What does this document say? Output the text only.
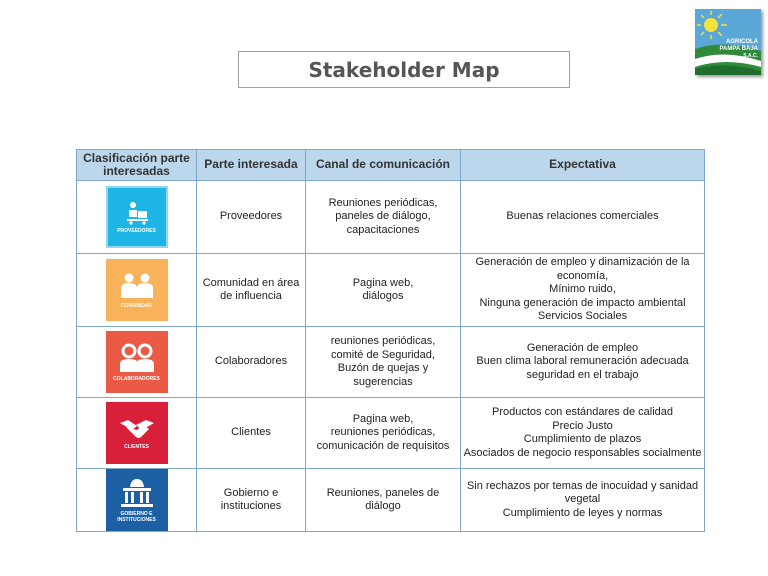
Stakeholder Map
AGRICOLA
PAMPA BAJA
S.A.C.
Clasificación parte interesadas	Parte interesada	Canal de comunicación	Expectativa

PROVEEDORES	Proveedores	Reuniones periódicas,
paneles de diálogo,
capacitaciones	Buenas relaciones comerciales

COMUNIDAD	Comunidad en área de influencia	Pagina web,
diálogos	Generación de empleo y dinamización de la
economía,
Mínimo ruido,
Ninguna generación de impacto ambiental
Servicios Sociales

COLABORADORES	Colaboradores	reuniones periódicas,
comité de Seguridad,
Buzón de quejas y
sugerencias	Generación de empleo
Buen clima laboral remuneración adecuada
seguridad en el trabajo

CLIENTES	Clientes	Pagina web,
reuniones periódicas,
comunicación de requisitos	Productos con estándares de calidad
Precio Justo
Cumplimiento de plazos
Asociados de negocio responsables socialmente

GOBIERNO E INSTITUCIONES	Gobierno e instituciones	Reuniones, paneles de
diálogo	Sin rechazos por temas de inocuidad y sanidad
vegetal
Cumplimiento de leyes y normas
